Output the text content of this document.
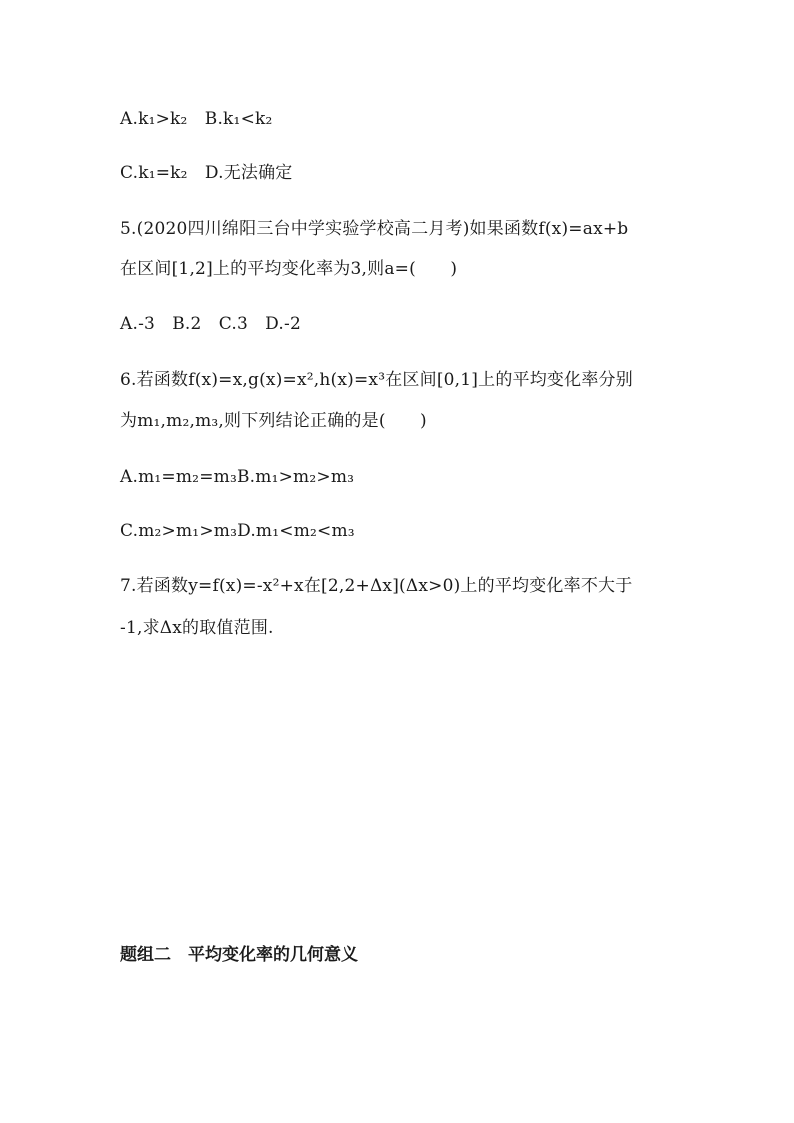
A.k₁>k₂　B.k₁<k₂
C.k₁=k₂　D.无法确定
5.(2020四川绵阳三台中学实验学校高二月考)如果函数f(x)=ax+b
在区间[1,2]上的平均变化率为3,则a=(　　)
A.-3　B.2　C.3　D.-2
6.若函数f(x)=x,g(x)=x²,h(x)=x³在区间[0,1]上的平均变化率分别
为m₁,m₂,m₃,则下列结论正确的是(　　)
A.m₁=m₂=m₃B.m₁>m₂>m₃
C.m₂>m₁>m₃D.m₁<m₂<m₃
7.若函数y=f(x)=-x²+x在[2,2+Δx](Δx>0)上的平均变化率不大于
-1,求Δx的取值范围.
题组二　平均变化率的几何意义
